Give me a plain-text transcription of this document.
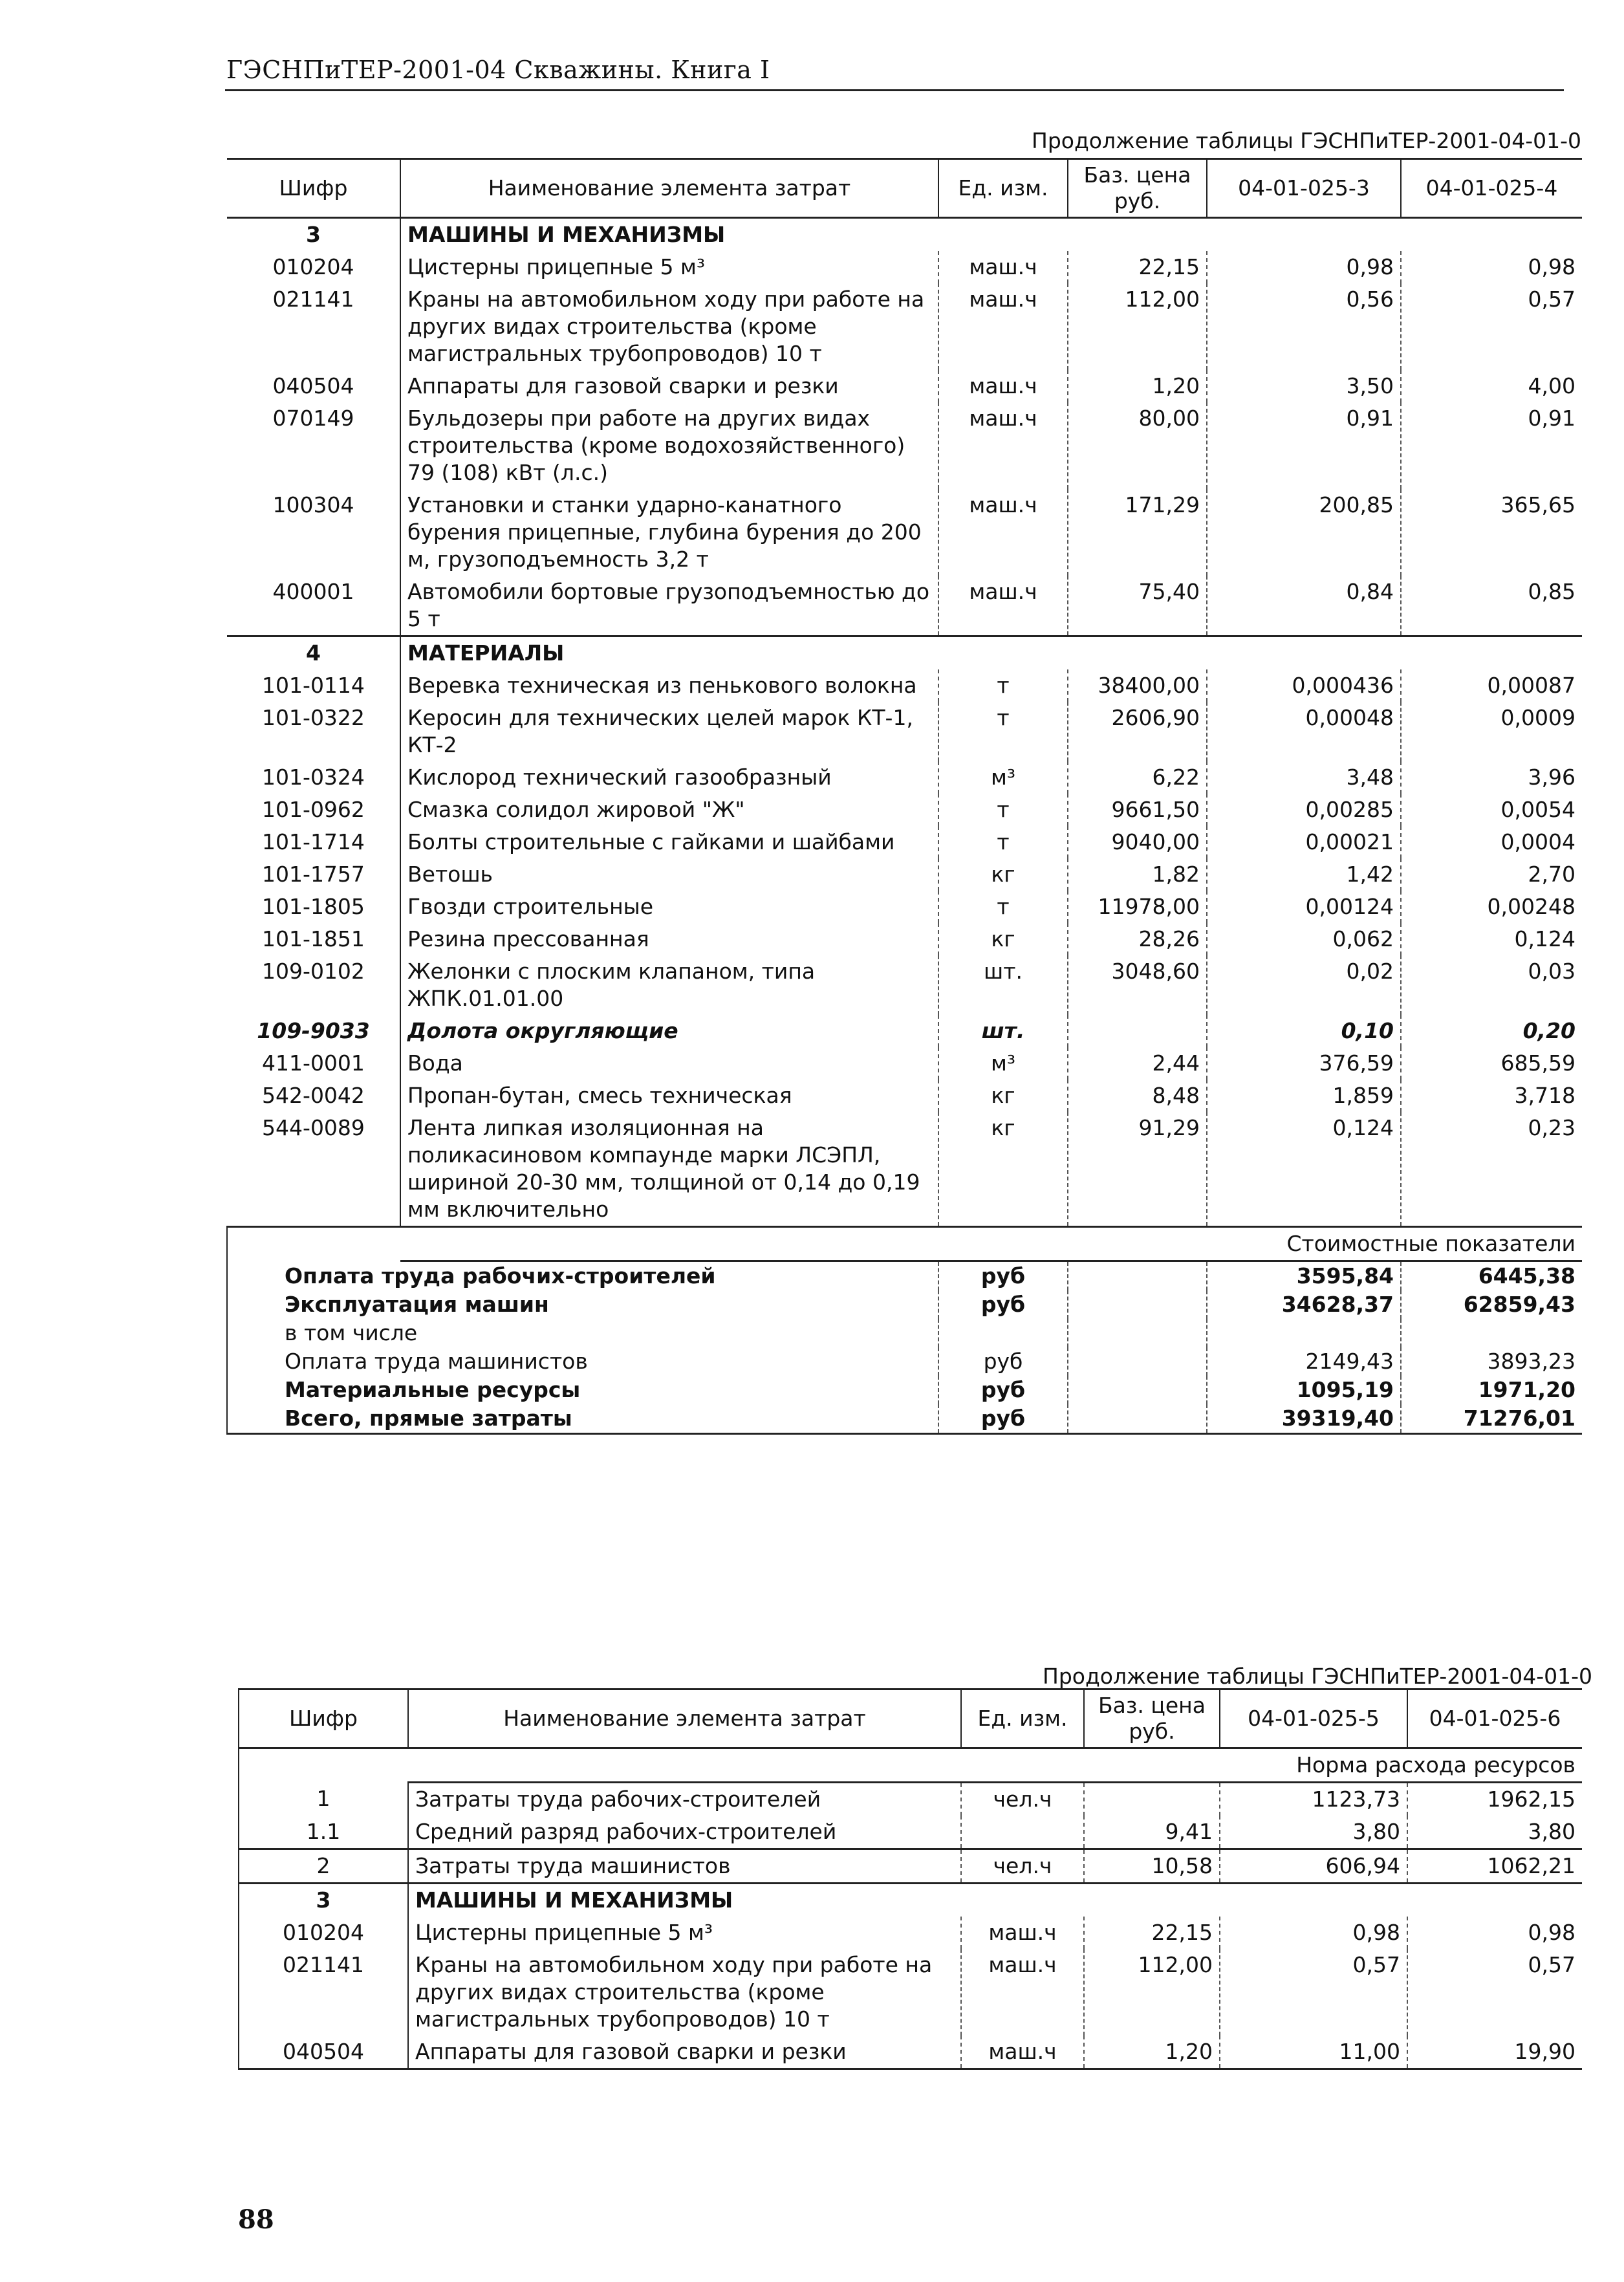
ГЭСНПиТЕР-2001-04 Скважины. Книга I
Продолжение таблицы ГЭСНПиТЕР-2001-04-01-0
Шифр	Наименование элемента затрат	Ед. изм.	Баз. цена руб.	04-01-025-3	04-01-025-4
3	МАШИНЫ И МЕХАНИЗМЫ				
010204	Цистерны прицепные 5 м³	маш.ч	22,15	0,98	0,98
021141	Краны на автомобильном ходу при работе на других видах строительства (кроме магистральных трубопроводов) 10 т	маш.ч	112,00	0,56	0,57
040504	Аппараты для газовой сварки и резки	маш.ч	1,20	3,50	4,00
070149	Бульдозеры при работе на других видах строительства (кроме водохозяйственного) 79 (108) кВт (л.с.)	маш.ч	80,00	0,91	0,91
100304	Установки и станки ударно-канатного бурения прицепные, глубина бурения до 200 м, грузоподъемность 3,2 т	маш.ч	171,29	200,85	365,65
400001	Автомобили бортовые грузоподъемностью до 5 т	маш.ч	75,40	0,84	0,85
4	МАТЕРИАЛЫ				
101-0114	Веревка техническая из пенькового волокна	т	38400,00	0,000436	0,00087
101-0322	Керосин для технических целей марок КТ-1, КТ-2	т	2606,90	0,00048	0,0009
101-0324	Кислород технический газообразный	м³	6,22	3,48	3,96
101-0962	Смазка солидол жировой "Ж"	т	9661,50	0,00285	0,0054
101-1714	Болты строительные с гайками и шайбами	т	9040,00	0,00021	0,0004
101-1757	Ветошь	кг	1,82	1,42	2,70
101-1805	Гвозди строительные	т	11978,00	0,00124	0,00248
101-1851	Резина прессованная	кг	28,26	0,062	0,124
109-0102	Желонки с плоским клапаном, типа ЖПК.01.01.00	шт.	3048,60	0,02	0,03
109-9033	Долота округляющие	шт.		0,10	0,20
411-0001	Вода	м³	2,44	376,59	685,59
542-0042	Пропан-бутан, смесь техническая	кг	8,48	1,859	3,718
544-0089	Лента липкая изоляционная на поликасиновом компаунде марки ЛСЭПЛ, шириной 20-30 мм, толщиной от 0,14 до 0,19 мм включительно	кг	91,29	0,124	0,23
	Стоимостные показатели				
Оплата труда рабочих-строителей		руб		3595,84	6445,38
Эксплуатация машин		руб		34628,37	62859,43
в том числе					
Оплата труда машинистов		руб		2149,43	3893,23
Материальные ресурсы		руб		1095,19	1971,20
Всего, прямые затраты		руб		39319,40	71276,01
Продолжение таблицы ГЭСНПиТЕР-2001-04-01-0
Шифр	Наименование элемента затрат	Ед. изм.	Баз. цена руб.	04-01-025-5	04-01-025-6
	Норма расхода ресурсов				
1	Затраты труда рабочих-строителей	чел.ч		1123,73	1962,15
1.1	Средний разряд рабочих-строителей		9,41	3,80	3,80
2	Затраты труда машинистов	чел.ч	10,58	606,94	1062,21
3	МАШИНЫ И МЕХАНИЗМЫ				
010204	Цистерны прицепные 5 м³	маш.ч	22,15	0,98	0,98
021141	Краны на автомобильном ходу при работе на других видах строительства (кроме магистральных трубопроводов) 10 т	маш.ч	112,00	0,57	0,57
040504	Аппараты для газовой сварки и резки	маш.ч	1,20	11,00	19,90
88
